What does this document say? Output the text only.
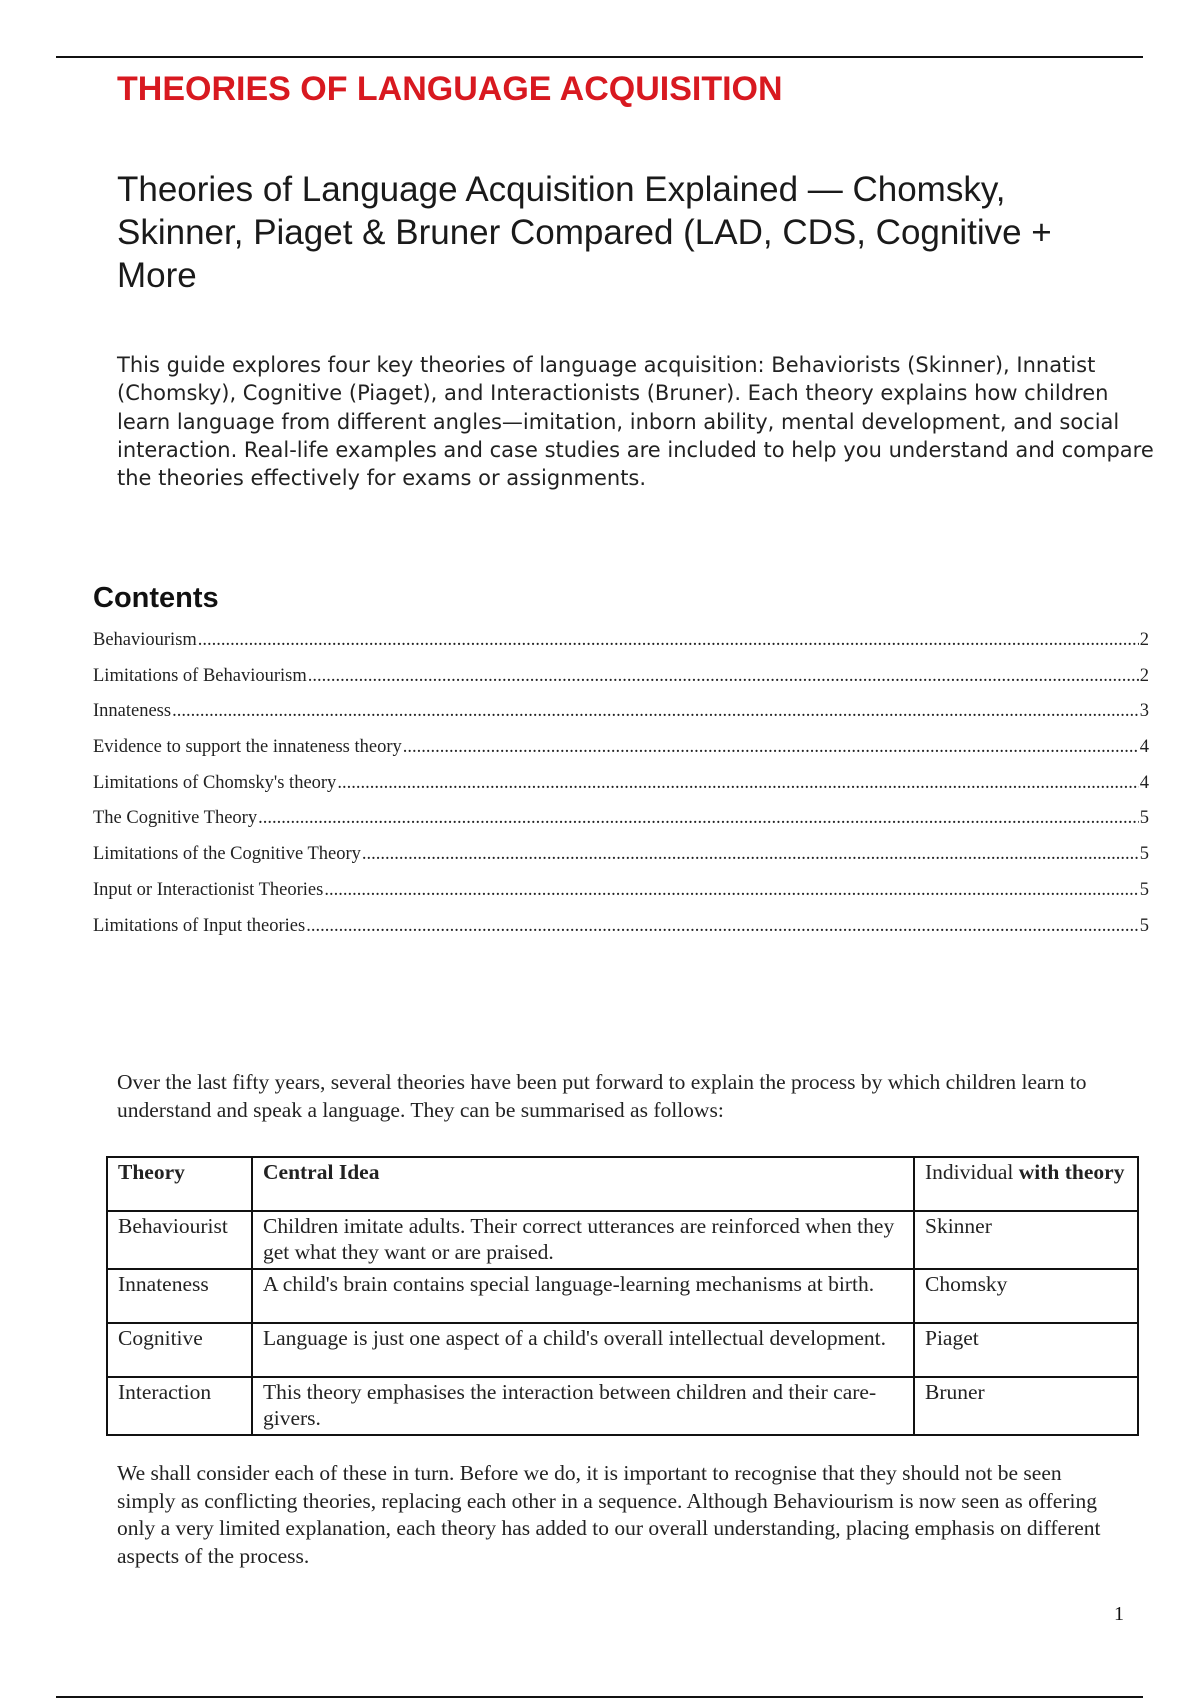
THEORIES OF LANGUAGE ACQUISITION
Theories of Language Acquisition Explained — Chomsky, Skinner, Piaget & Bruner Compared (LAD, CDS, Cognitive + More

This guide explores four key theories of language acquisition: Behaviorists (Skinner), Innatist (Chomsky), Cognitive (Piaget), and Interactionists (Bruner). Each theory explains how children learn language from different angles—imitation, inborn ability, mental development, and social interaction. Real-life examples and case studies are included to help you understand and compare the theories effectively for exams or assignments.

Contents
Behaviourism .....	2
Limitations of Behaviourism .....	2
Innateness .....	3
Evidence to support the innateness theory .....	4
Limitations of Chomsky's theory .....	4
The Cognitive Theory .....	5
Limitations of the Cognitive Theory .....	5
Input or Interactionist Theories .....	5
Limitations of Input theories .....	5

Over the last fifty years, several theories have been put forward to explain the process by which children learn to understand and speak a language. They can be summarised as follows:

Theory	Central Idea	Individual with theory
Behaviourist	Children imitate adults. Their correct utterances are reinforced when they get what they want or are praised.	Skinner
Innateness	A child's brain contains special language-learning mechanisms at birth.	Chomsky
Cognitive	Language is just one aspect of a child's overall intellectual development.	Piaget
Interaction	This theory emphasises the interaction between children and their care-givers.	Bruner

We shall consider each of these in turn. Before we do, it is important to recognise that they should not be seen simply as conflicting theories, replacing each other in a sequence. Although Behaviourism is now seen as offering only a very limited explanation, each theory has added to our overall understanding, placing emphasis on different aspects of the process.

1
